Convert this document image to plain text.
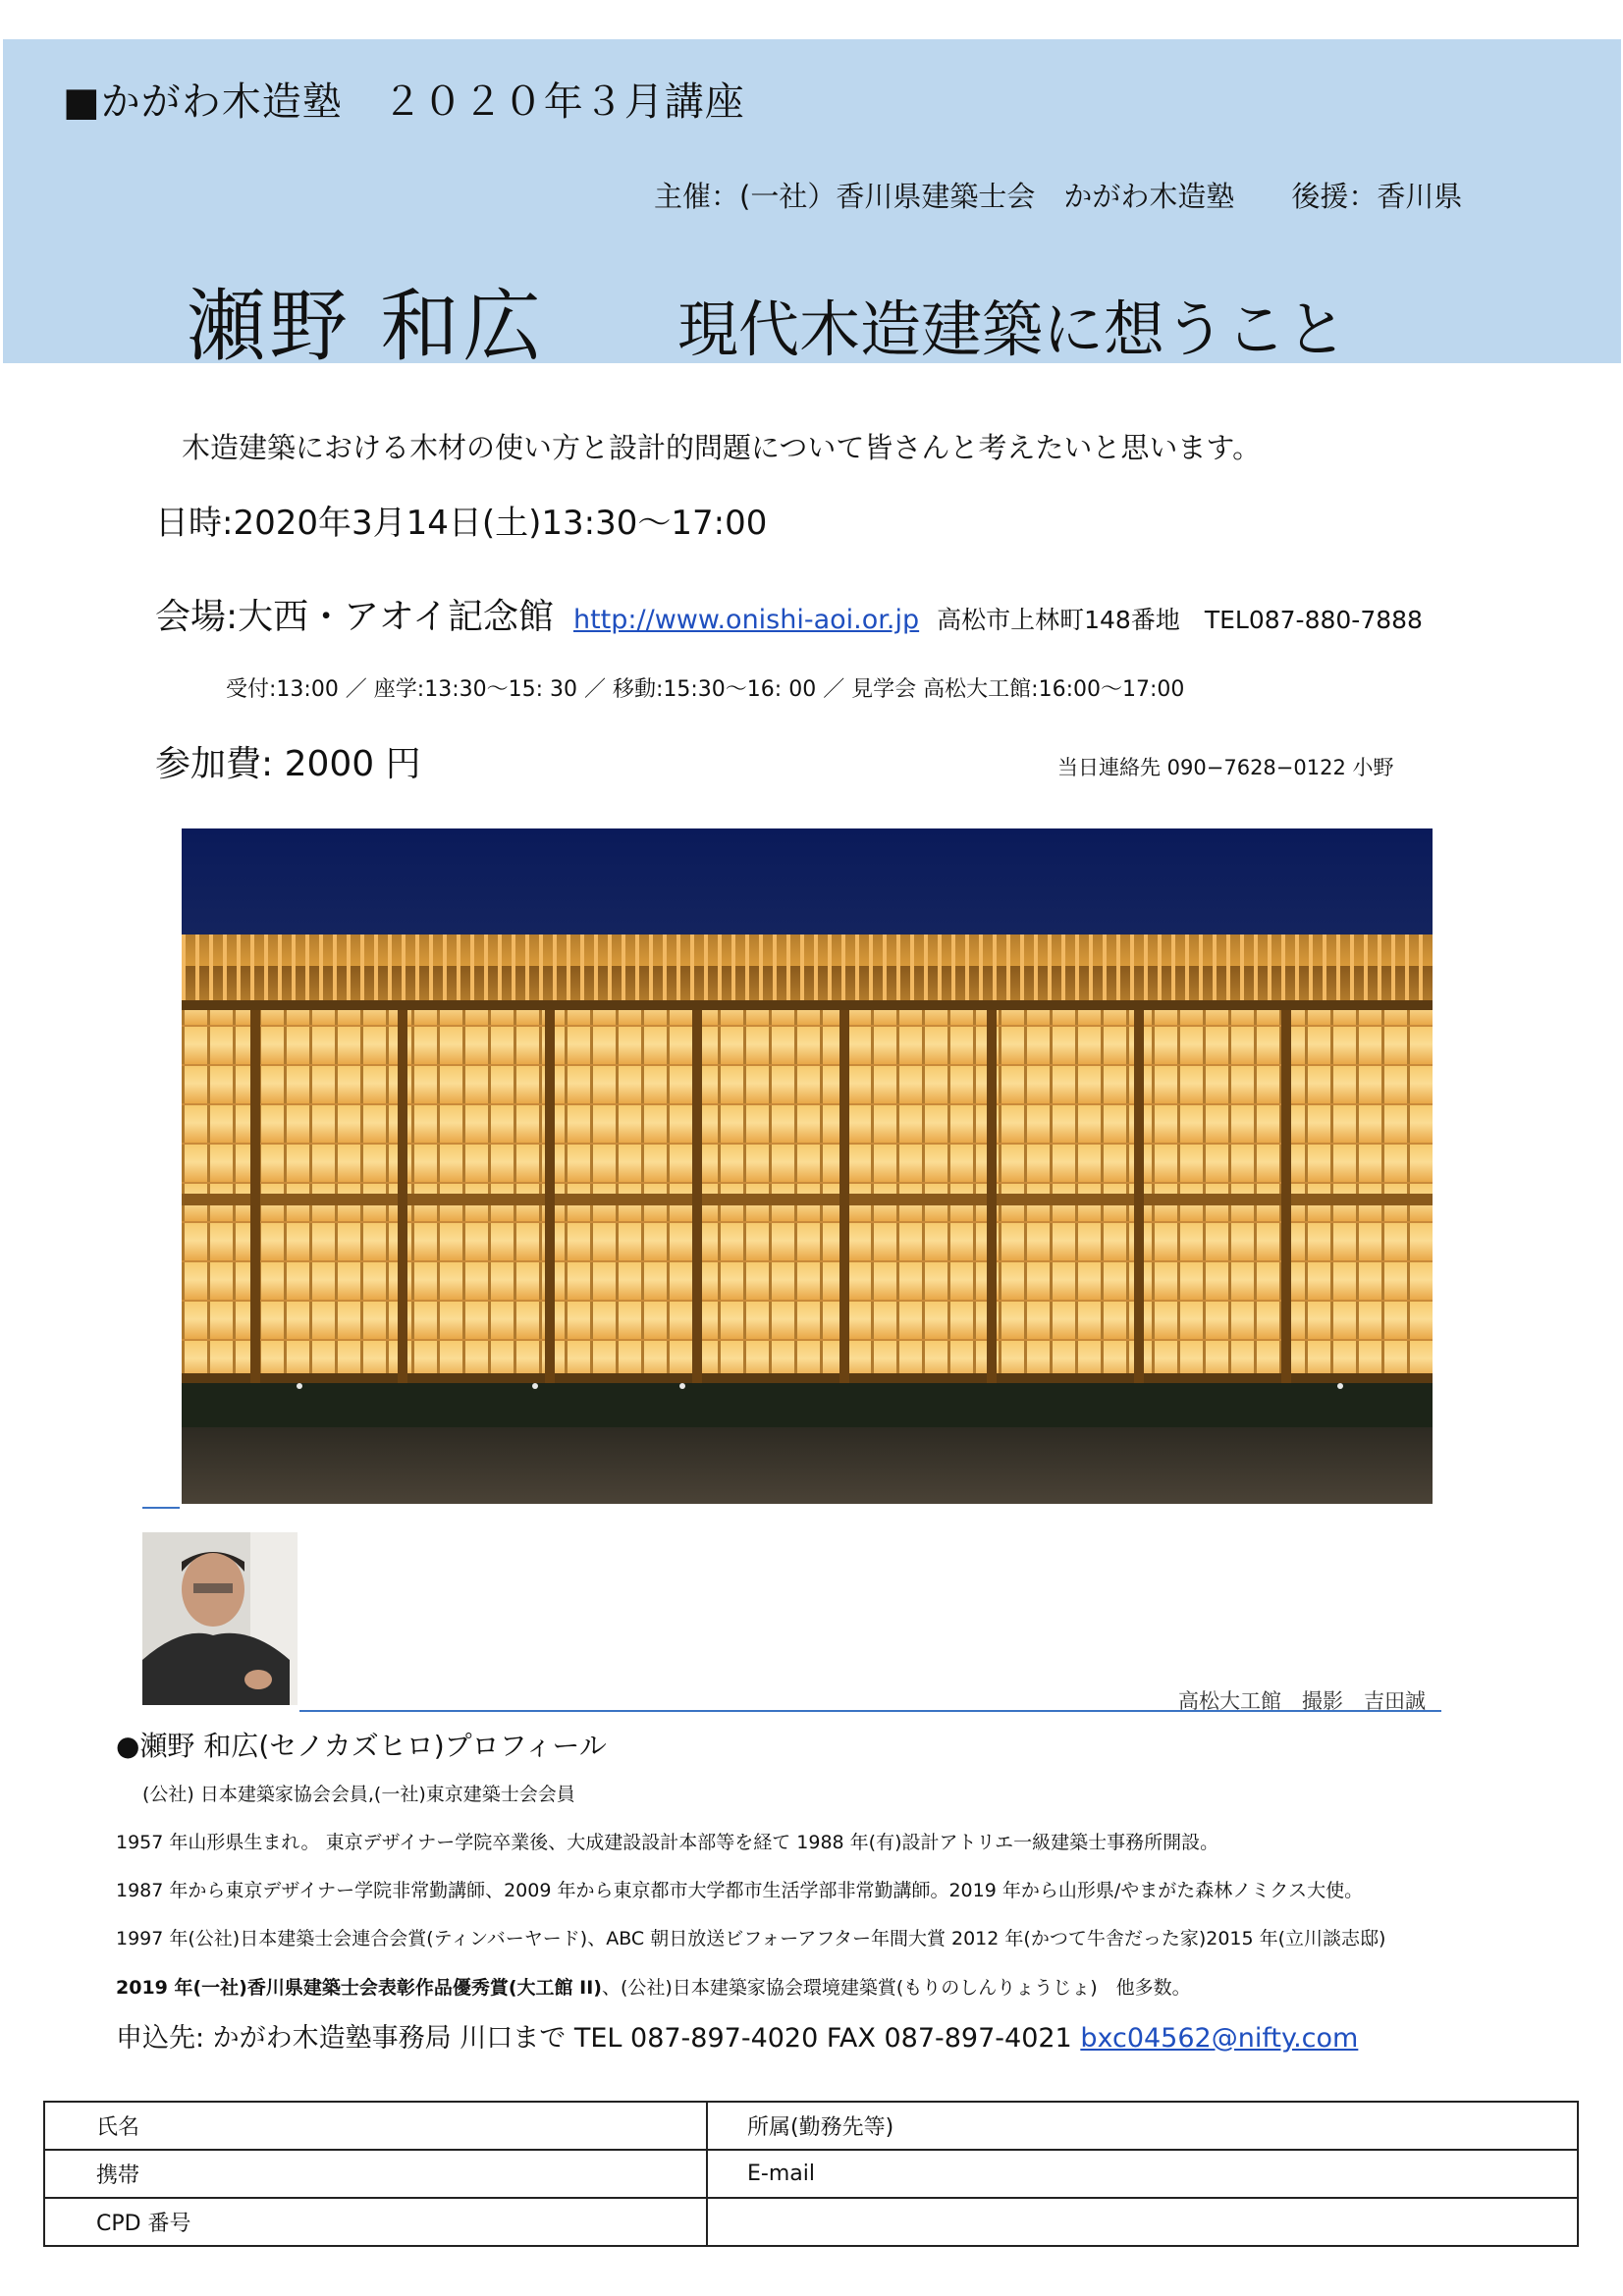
■かがわ木造塾　２０２０年３月講座
主催：(一社）香川県建築士会　かがわ木造塾　　後援：香川県
瀬野 和広 現代木造建築に想うこと
木造建築における木材の使い方と設計的問題について皆さんと考えたいと思います。
日時:2020年3月14日(土)13:30〜17:00
会場:大西・アオイ記念館 http://www.onishi-aoi.or.jp 高松市上林町148番地　TEL087-880-7888
受付:13:00 ／ 座学:13:30〜15: 30 ／ 移動:15:30〜16: 00 ／ 見学会 高松大工館:16:00〜17:00
参加費: 2000 円	当日連絡先 090−7628−0122 小野
高松大工館　撮影　吉田誠
●瀬野 和広(セノカズヒロ)プロフィール
(公社) 日本建築家協会会員,(一社)東京建築士会会員
1957 年山形県生まれ。 東京デザイナー学院卒業後、大成建設設計本部等を経て 1988 年(有)設計アトリエ一級建築士事務所開設。
1987 年から東京デザイナー学院非常勤講師、2009 年から東京都市大学都市生活学部非常勤講師。2019 年から山形県/やまがた森林ノミクス大使。
1997 年(公社)日本建築士会連合会賞(ティンバーヤード)、ABC 朝日放送ビフォーアフター年間大賞 2012 年(かつて牛舎だった家)2015 年(立川談志邸)
2019 年(一社)香川県建築士会表彰作品優秀賞(大工館 II)、(公社)日本建築家協会環境建築賞(もりのしんりょうじょ)　他多数。
申込先: かがわ木造塾事務局 川口まで TEL 087-897-4020 FAX 087-897-4021 bxc04562@nifty.com
氏名	所属(勤務先等)
携帯	E-mail
CPD 番号	
